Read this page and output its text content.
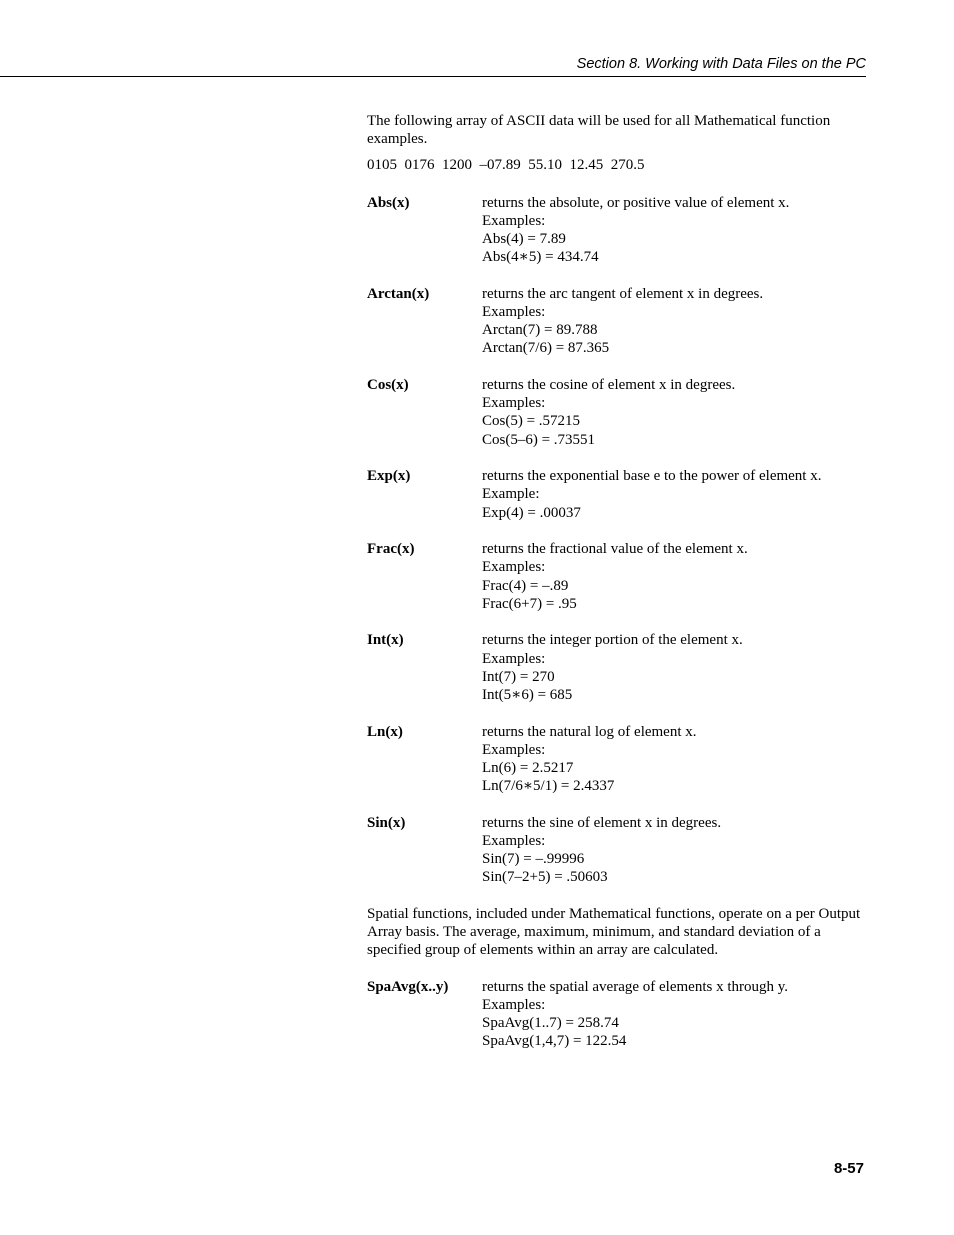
Section 8. Working with Data Files on the PC

The following array of ASCII data will be used for all Mathematical function examples.

0105  0176  1200  –07.89  55.10  12.45  270.5

Abs(x)	returns the absolute, or positive value of element x.
Examples:
Abs(4) = 7.89
Abs(4∗5) = 434.74
Arctan(x)	returns the arc tangent of element x in degrees.
Examples:
Arctan(7) = 89.788
Arctan(7/6) = 87.365
Cos(x)	returns the cosine of element x in degrees.
Examples:
Cos(5) = .57215
Cos(5–6) = .73551
Exp(x)	returns the exponential base e to the power of element x.
Example:
Exp(4) = .00037
Frac(x)	returns the fractional value of the element x.
Examples:
Frac(4) = –.89
Frac(6+7) = .95
Int(x)	returns the integer portion of the element x.
Examples:
Int(7) = 270
Int(5∗6) = 685
Ln(x)	returns the natural log of element x.
Examples:
Ln(6) = 2.5217
Ln(7/6∗5/1) = 2.4337
Sin(x)	returns the sine of element x in degrees.
Examples:
Sin(7) = –.99996
Sin(7–2+5) = .50603

Spatial functions, included under Mathematical functions, operate on a per Output Array basis. The average, maximum, minimum, and standard deviation of a specified group of elements within an array are calculated.

SpaAvg(x..y)	returns the spatial average of elements x through y.
Examples:
SpaAvg(1..7) = 258.74
SpaAvg(1,4,7) = 122.54
8-57
